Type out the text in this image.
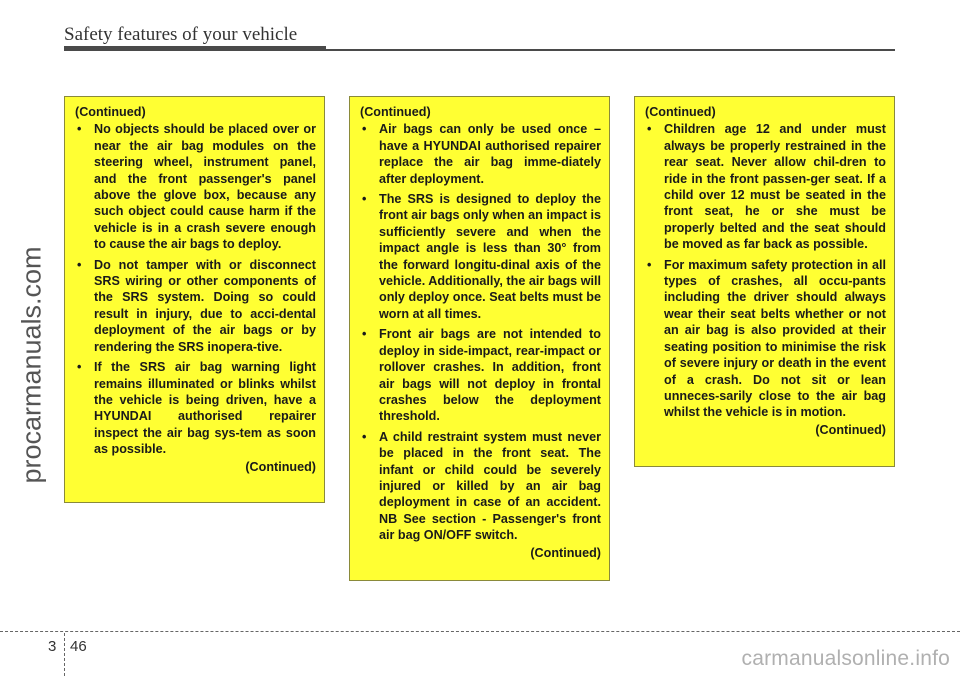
Safety features of your vehicle
procarmanuals.com
(Continued)
• No objects should be placed over or near the air bag modules on the steering wheel, instrument panel, and the front passenger's panel above the glove box, because any such object could cause harm if the vehicle is in a crash severe enough to cause the air bags to deploy.
• Do not tamper with or disconnect SRS wiring or other components of the SRS system. Doing so could result in injury, due to acci-dental deployment of the air bags or by rendering the SRS inopera-tive.
• If the SRS air bag warning light remains illuminated or blinks whilst the vehicle is being driven, have a HYUNDAI authorised repairer inspect the air bag sys-tem as soon as possible.
(Continued)
(Continued)
• Air bags can only be used once – have a HYUNDAI authorised repairer replace the air bag imme-diately after deployment.
• The SRS is designed to deploy the front air bags only when an impact is sufficiently severe and when the impact angle is less than 30° from the forward longitu-dinal axis of the vehicle. Additionally, the air bags will only deploy once. Seat belts must be worn at all times.
• Front air bags are not intended to deploy in side-impact, rear-impact or rollover crashes. In addition, front air bags will not deploy in frontal crashes below the deployment threshold.
• A child restraint system must never be placed in the front seat. The infant or child could be severely injured or killed by an air bag deployment in case of an accident. NB See section - Passenger's front air bag ON/OFF switch.
(Continued)
(Continued)
• Children age 12 and under must always be properly restrained in the rear seat. Never allow chil-dren to ride in the front passen-ger seat. If a child over 12 must be seated in the front seat, he or she must be properly belted and the seat should be moved as far back as possible.
• For maximum safety protection in all types of crashes, all occu-pants including the driver should always wear their seat belts whether or not an air bag is also provided at their seating position to minimise the risk of severe injury or death in the event of a crash. Do not sit or lean unneces-sarily close to the air bag whilst the vehicle is in motion.
(Continued)
3 46
carmanualsonline.info
